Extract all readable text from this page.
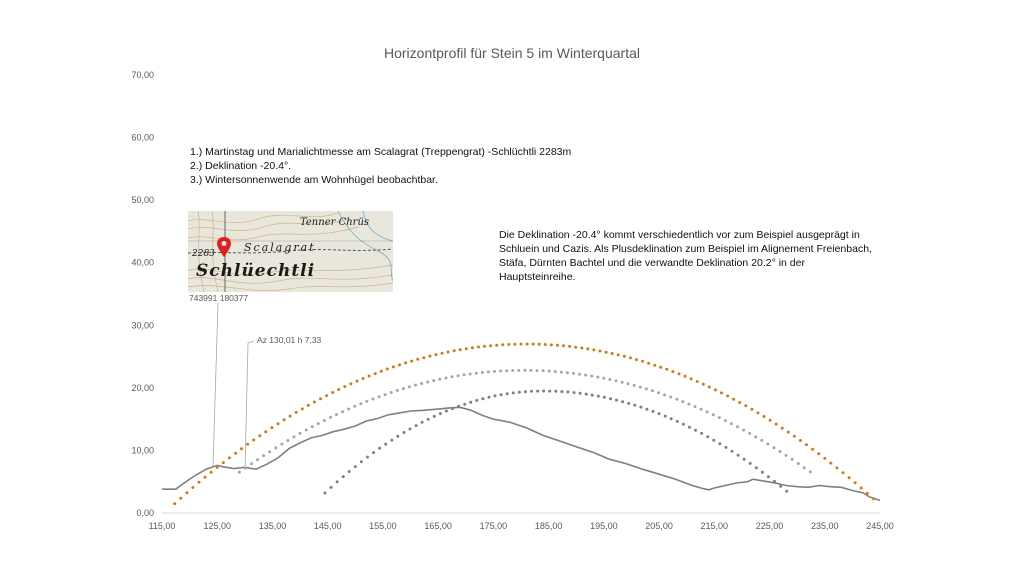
Horizontprofil für Stein 5 im Winterquartal
0,00
10,00
20,00
30,00
40,00
50,00
60,00
70,00
115,00	125,00	135,00	145,00	155,00	165,00	175,00	185,00	195,00	205,00	215,00	225,00	235,00	245,00
1.) Martinstag und Marialichtmesse am Scalagrat (Treppengrat) -Schlüchtli 2283m
2.) Deklination -20.4°.
3.) Wintersonnenwende am Wohnhügel beobachtbar.
Die Deklination -20.4° kommt verschiedentlich vor zum Beispiel ausgeprägt in Schluein und Cazis. Als Plusdeklination zum Beispiel im Alignement Freienbach, Stäfa, Dürnten Bachtel und die verwandte Deklination 20.2° in der Hauptsteinreihe.
Tenner Chrüs
Scalagrat
2283
Schlüechtli
743991 180377
Az 130,01 h 7,33
